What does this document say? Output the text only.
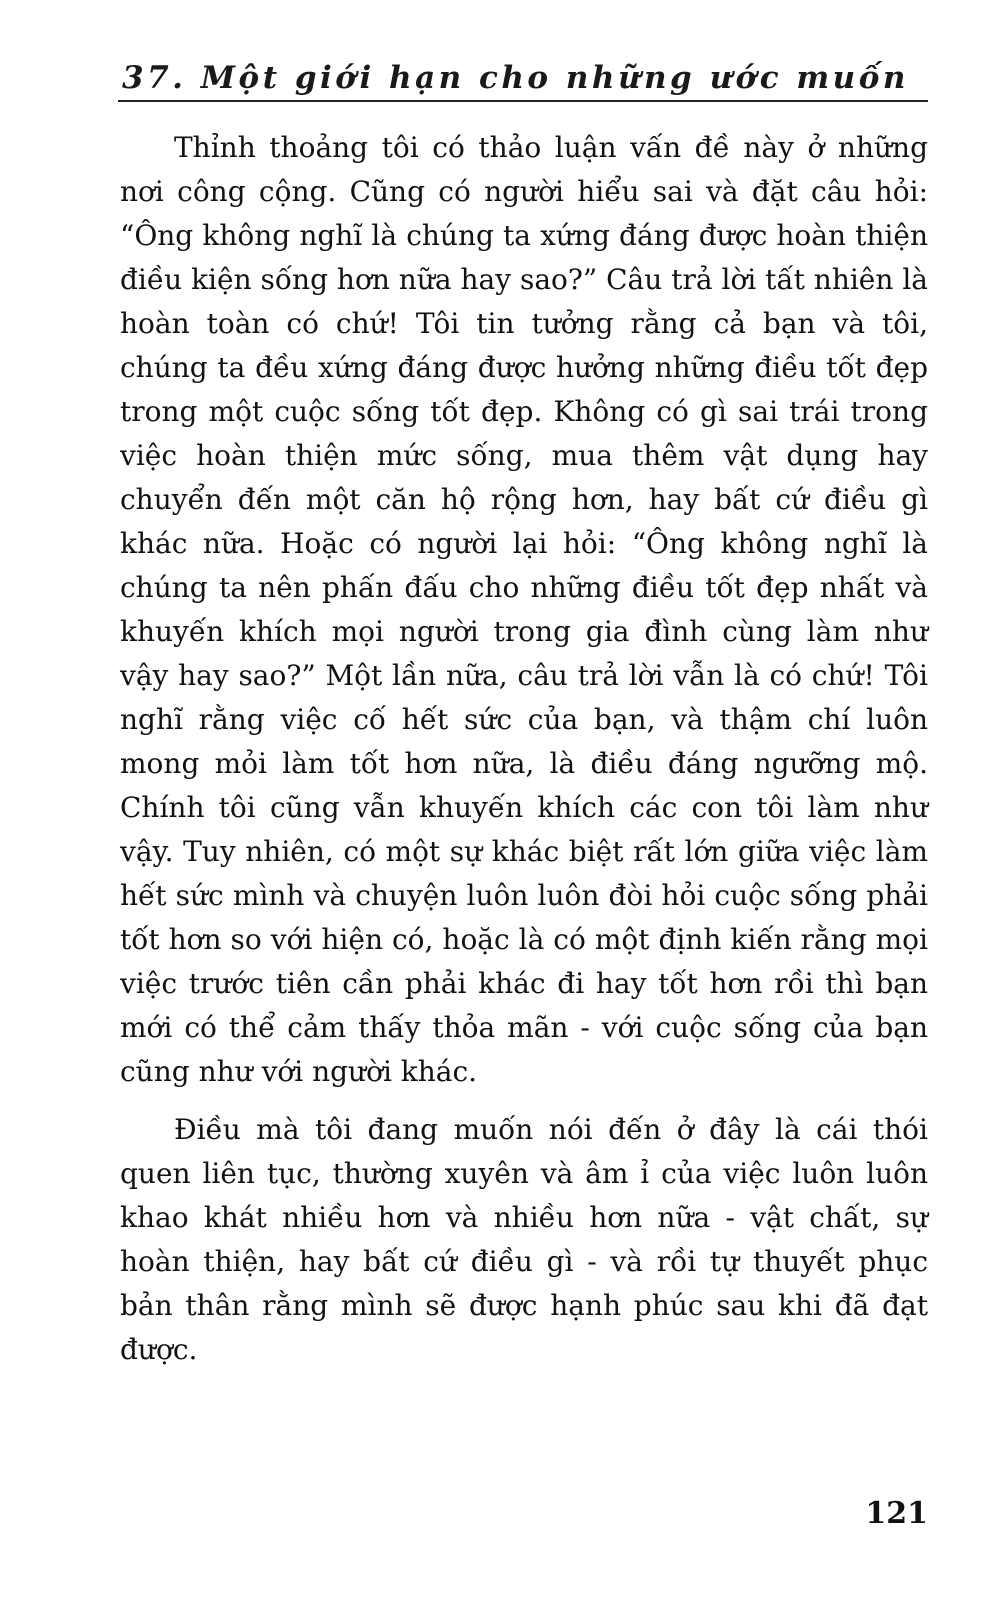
37. Một giới hạn cho những ước muốn

Thỉnh thoảng tôi có thảo luận vấn đề này ở những nơi công cộng. Cũng có người hiểu sai và đặt câu hỏi: “Ông không nghĩ là chúng ta xứng đáng được hoàn thiện điều kiện sống hơn nữa hay sao?” Câu trả lời tất nhiên là hoàn toàn có chứ! Tôi tin tưởng rằng cả bạn và tôi, chúng ta đều xứng đáng được hưởng những điều tốt đẹp trong một cuộc sống tốt đẹp. Không có gì sai trái trong việc hoàn thiện mức sống, mua thêm vật dụng hay chuyển đến một căn hộ rộng hơn, hay bất cứ điều gì khác nữa. Hoặc có người lại hỏi: “Ông không nghĩ là chúng ta nên phấn đấu cho những điều tốt đẹp nhất và khuyến khích mọi người trong gia đình cùng làm như vậy hay sao?” Một lần nữa, câu trả lời vẫn là có chứ! Tôi nghĩ rằng việc cố hết sức của bạn, và thậm chí luôn mong mỏi làm tốt hơn nữa, là điều đáng ngưỡng mộ. Chính tôi cũng vẫn khuyến khích các con tôi làm như vậy. Tuy nhiên, có một sự khác biệt rất lớn giữa việc làm hết sức mình và chuyện luôn luôn đòi hỏi cuộc sống phải tốt hơn so với hiện có, hoặc là có một định kiến rằng mọi việc trước tiên cần phải khác đi hay tốt hơn rồi thì bạn mới có thể cảm thấy thỏa mãn - với cuộc sống của bạn cũng như với người khác.

Điều mà tôi đang muốn nói đến ở đây là cái thói quen liên tục, thường xuyên và âm ỉ của việc luôn luôn khao khát nhiều hơn và nhiều hơn nữa - vật chất, sự hoàn thiện, hay bất cứ điều gì - và rồi tự thuyết phục bản thân rằng mình sẽ được hạnh phúc sau khi đã đạt được.

121
